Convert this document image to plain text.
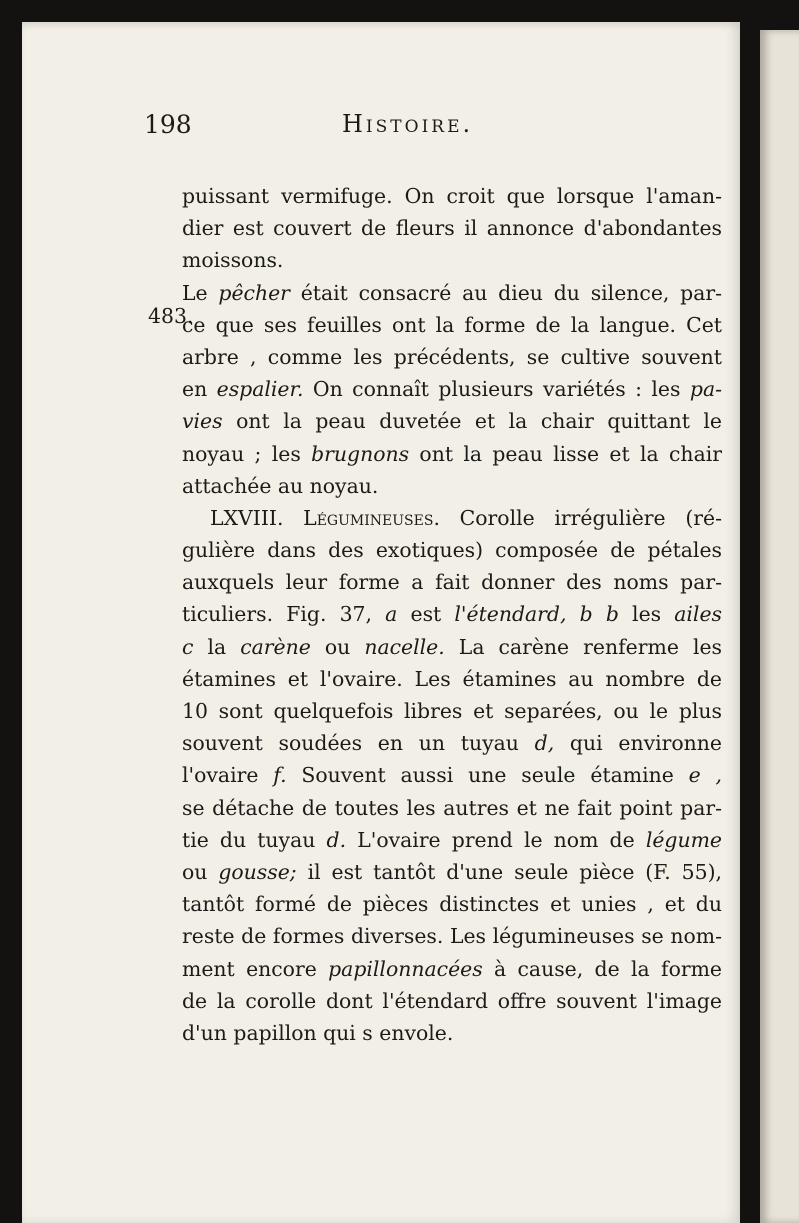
198	Histoire.
puissant vermifuge. On croit que lorsque l'aman-
dier est couvert de fleurs il annonce d'abondantes
moissons.
483.
Le pêcher était consacré au dieu du silence, par-
ce que ses feuilles ont la forme de la langue. Cet
arbre , comme les précédents, se cultive souvent
en espalier. On connaît plusieurs variétés : les pa-
vies ont la peau duvetée et la chair quittant le
noyau ; les brugnons ont la peau lisse et la chair
attachée au noyau.
LXVIII. Légumineuses. Corolle irrégulière (ré-
gulière dans des exotiques) composée de pétales
auxquels leur forme a fait donner des noms par-
ticuliers. Fig. 37, a est l'étendard, b b les ailes
c la carène ou nacelle. La carène renferme les
étamines et l'ovaire. Les étamines au nombre de
10 sont quelquefois libres et separées, ou le plus
souvent soudées en un tuyau d, qui environne
l'ovaire f. Souvent aussi une seule étamine e ,
se détache de toutes les autres et ne fait point par-
tie du tuyau d. L'ovaire prend le nom de légume
ou gousse; il est tantôt d'une seule pièce (F. 55),
tantôt formé de pièces distinctes et unies , et du
reste de formes diverses. Les légumineuses se nom-
ment encore papillonnacées à cause, de la forme
de la corolle dont l'étendard offre souvent l'image
d'un papillon qui s envole.
